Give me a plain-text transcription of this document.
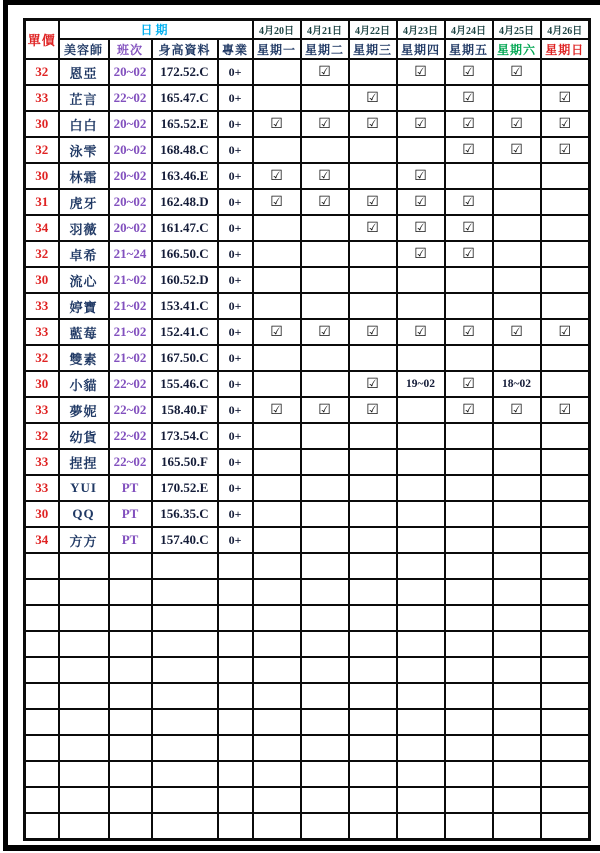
單價	日期				4月20日	4月21日	4月22日	4月23日	4月24日	4月25日	4月26日
	美容師	班次	身高資料	專業	星期一	星期二	星期三	星期四	星期五	星期六	星期日
32	恩亞	20~02	172.52.C	0+		☑		☑	☑	☑	
33	芷言	22~02	165.47.C	0+			☑		☑		☑
30	白白	20~02	165.52.E	0+	☑	☑	☑	☑	☑	☑	☑
32	泳雫	20~02	168.48.C	0+					☑	☑	☑
30	林霜	20~02	163.46.E	0+	☑	☑		☑			
31	虎牙	20~02	162.48.D	0+	☑	☑	☑	☑	☑		
34	羽薇	20~02	161.47.C	0+			☑	☑	☑		
32	卓希	21~24	166.50.C	0+				☑	☑		
30	流心	21~02	160.52.D	0+							
33	婷寶	21~02	153.41.C	0+							
33	藍莓	21~02	152.41.C	0+	☑	☑	☑	☑	☑	☑	☑
32	雙素	21~02	167.50.C	0+							
30	小貓	22~02	155.46.C	0+			☑	19~02	☑	18~02	
33	夢妮	22~02	158.40.F	0+	☑	☑	☑		☑	☑	☑
32	幼貨	22~02	173.54.C	0+							
33	捏捏	22~02	165.50.F	0+							
33	YUI	PT	170.52.E	0+							
30	QQ	PT	156.35.C	0+							
34	方方	PT	157.40.C	0+							
